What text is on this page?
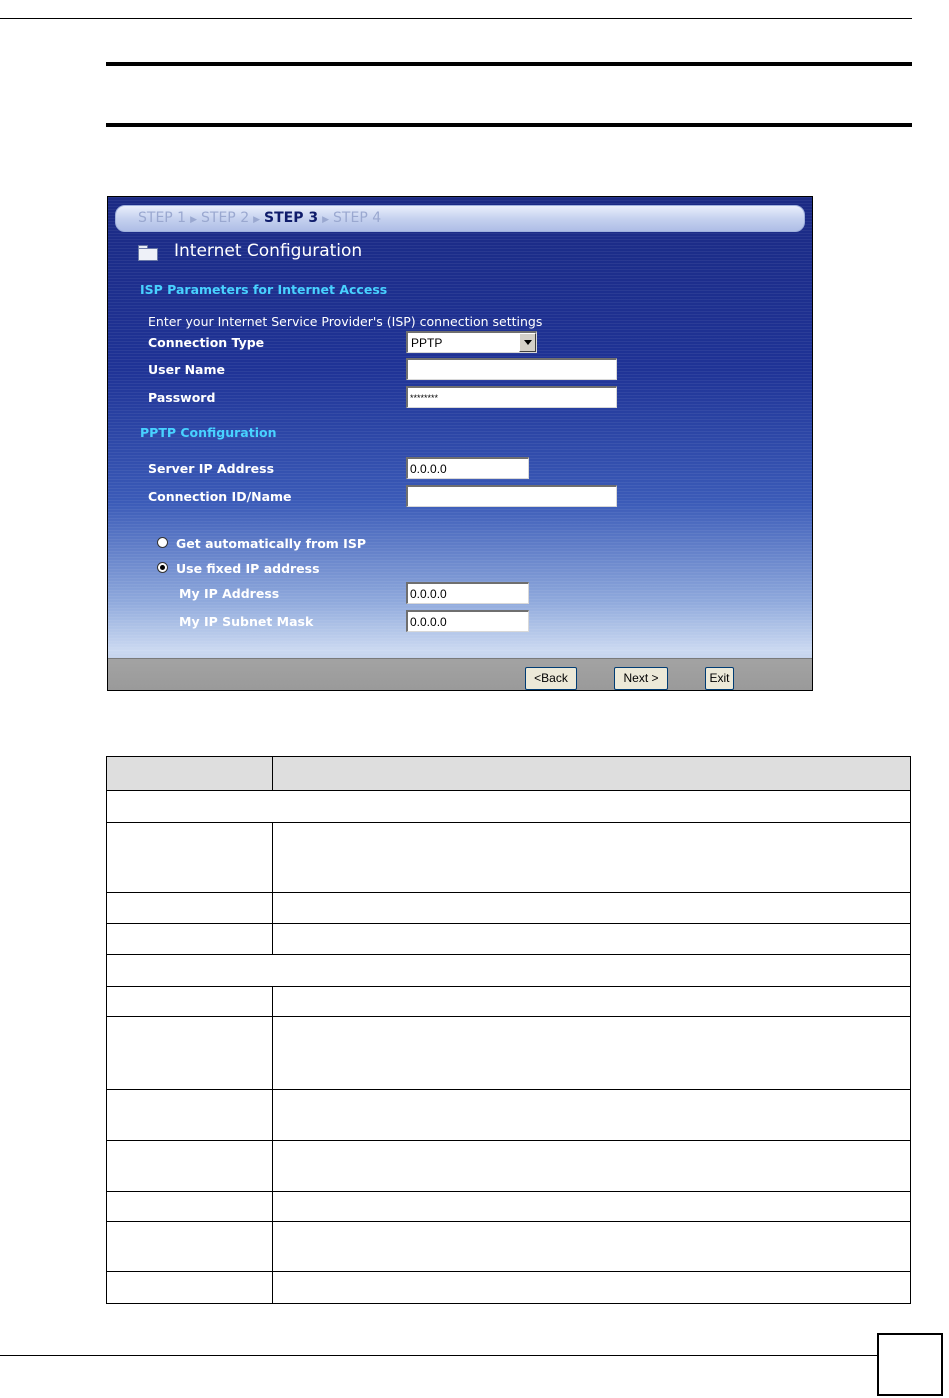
STEP 1 ▶ STEP 2 ▶ STEP 3 ▶ STEP 4
Internet Configuration
ISP Parameters for Internet Access
Enter your Internet Service Provider's (ISP) connection settings
Connection Type	PPTP
User Name
Password	********
PPTP Configuration
Server IP Address	0.0.0.0
Connection ID/Name
Get automatically from ISP
Use fixed IP address
My IP Address	0.0.0.0
My IP Subnet Mask	0.0.0.0
<Back	Next >	Exit
